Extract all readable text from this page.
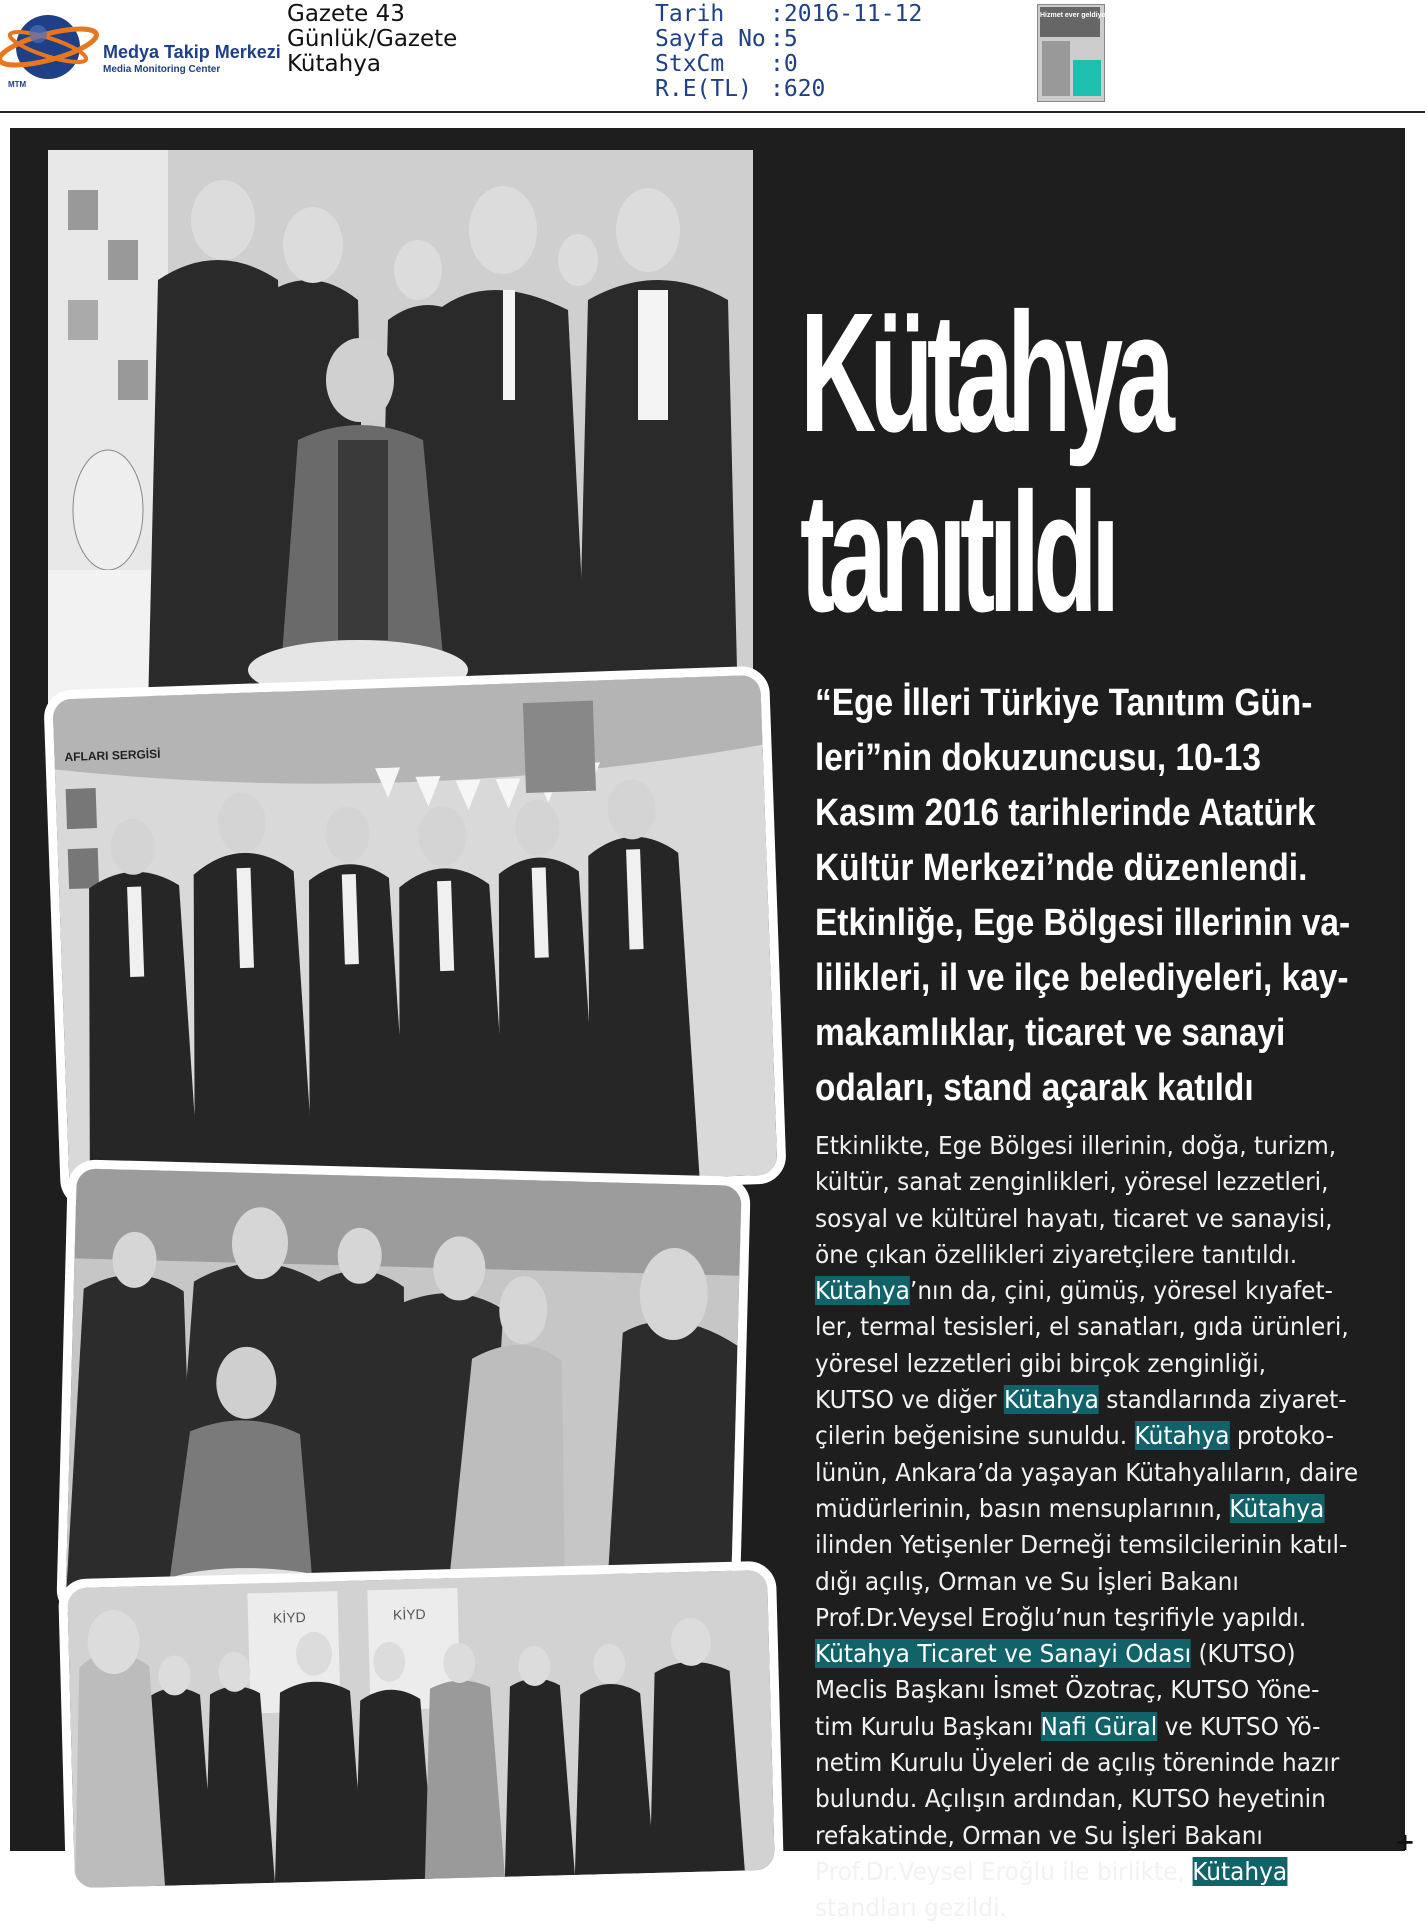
Medya Takip Merkezi
Media Monitoring Center
MTM
Gazete 43
Günlük/Gazete
Kütahya
Tarih	:2016-11-12
Sayfa No :5
StxCm	:0
R.E(TL) :620
Hizmet ever geldiyor
AFLARI SERGİSİ
KİYD	KİYD
Kütahya
tanıtıldı
“Ege İlleri Türkiye Tanıtım Gün-
leri”nin dokuzuncusu, 10-13
Kasım 2016 tarihlerinde Atatürk
Kültür Merkezi’nde düzenlendi.
Etkinliğe, Ege Bölgesi illerinin va-
lilikleri, il ve ilçe belediyeleri, kay-
makamlıklar, ticaret ve sanayi
odaları, stand açarak katıldı
Etkinlikte, Ege Bölgesi illerinin, doğa, turizm,
kültür, sanat zenginlikleri, yöresel lezzetleri,
sosyal ve kültürel hayatı, ticaret ve sanayisi,
öne çıkan özellikleri ziyaretçilere tanıtıldı.
Kütahya’nın da, çini, gümüş, yöresel kıyafet-
ler, termal tesisleri, el sanatları, gıda ürünleri,
yöresel lezzetleri gibi birçok zenginliği,
KUTSO ve diğer Kütahya standlarında ziyaret-
çilerin beğenisine sunuldu. Kütahya protoko-
lünün, Ankara’da yaşayan Kütahyalıların, daire
müdürlerinin, basın mensuplarının, Kütahya
ilinden Yetişenler Derneği temsilcilerinin katıl-
dığı açılış, Orman ve Su İşleri Bakanı
Prof.Dr.Veysel Eroğlu’nun teşrifiyle yapıldı.
Kütahya Ticaret ve Sanayi Odası (KUTSO)
Meclis Başkanı İsmet Özotraç, KUTSO Yöne-
tim Kurulu Başkanı Nafi Güral ve KUTSO Yö-
netim Kurulu Üyeleri de açılış töreninde hazır
bulundu. Açılışın ardından, KUTSO heyetinin
refakatinde, Orman ve Su İşleri Bakanı
Prof.Dr.Veysel Eroğlu ile birlikte, Kütahya
standları gezildi.
+
